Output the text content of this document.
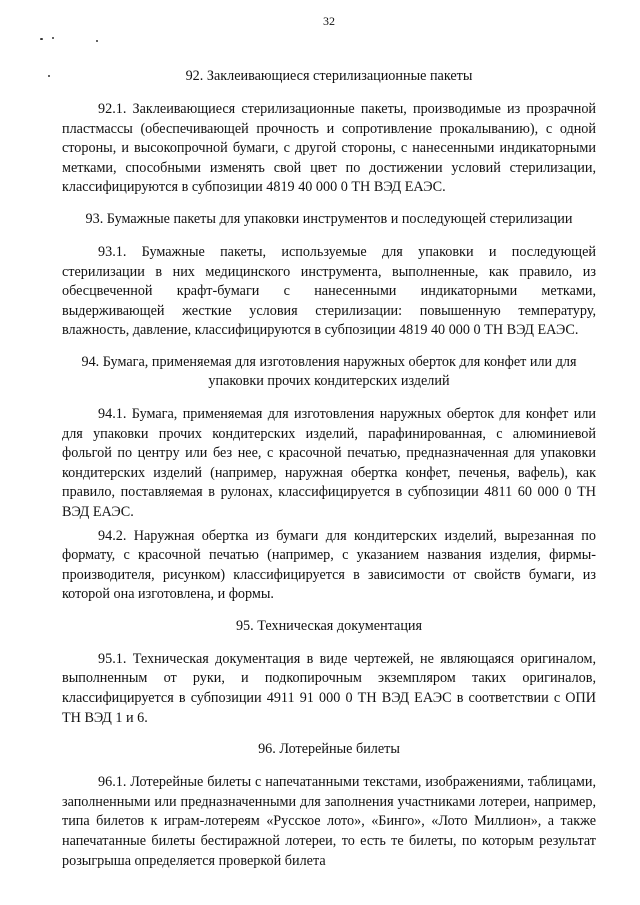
32
92. Заклеивающиеся стерилизационные пакеты

92.1. Заклеивающиеся стерилизационные пакеты, производимые из прозрачной пластмассы (обеспечивающей прочность и сопротивление прокалыванию), с одной стороны, и высокопрочной бумаги, с другой стороны, с нанесенными индикаторными метками, способными изменять свой цвет по достижении условий стерилизации, классифицируются в субпозиции 4819 40 000 0 ТН ВЭД ЕАЭС.

93. Бумажные пакеты для упаковки инструментов и последующей стерилизации

93.1. Бумажные пакеты, используемые для упаковки и последующей стерилизации в них медицинского инструмента, выполненные, как правило, из обесцвеченной крафт-бумаги с нанесенными индикаторными метками, выдерживающей жесткие условия стерилизации: повышенную температуру, влажность, давление, классифицируются в субпозиции 4819 40 000 0 ТН ВЭД ЕАЭС.

94. Бумага, применяемая для изготовления наружных оберток для конфет или для упаковки прочих кондитерских изделий

94.1. Бумага, применяемая для изготовления наружных оберток для конфет или для упаковки прочих кондитерских изделий, парафинированная, с алюминиевой фольгой по центру или без нее, с красочной печатью, предназначенная для упаковки кондитерских изделий (например, наружная обертка конфет, печенья, вафель), как правило, поставляемая в рулонах, классифицируется в субпозиции 4811 60 000 0 ТН ВЭД ЕАЭС.

94.2. Наружная обертка из бумаги для кондитерских изделий, вырезанная по формату, с красочной печатью (например, с указанием названия изделия, фирмы-производителя, рисунком) классифицируется в зависимости от свойств бумаги, из которой она изготовлена, и формы.

95. Техническая документация

95.1. Техническая документация в виде чертежей, не являющаяся оригиналом, выполненным от руки, и подкопирочным экземпляром таких оригиналов, классифицируется в субпозиции 4911 91 000 0 ТН ВЭД ЕАЭС в соответствии с ОПИ ТН ВЭД 1 и 6.

96. Лотерейные билеты

96.1. Лотерейные билеты с напечатанными текстами, изображениями, таблицами, заполненными или предназначенными для заполнения участниками лотереи, например, типа билетов к играм-лотереям «Русское лото», «Бинго», «Лото Миллион», а также напечатанные билеты бестиражной лотереи, то есть те билеты, по которым результат розыгрыша определяется проверкой билета
